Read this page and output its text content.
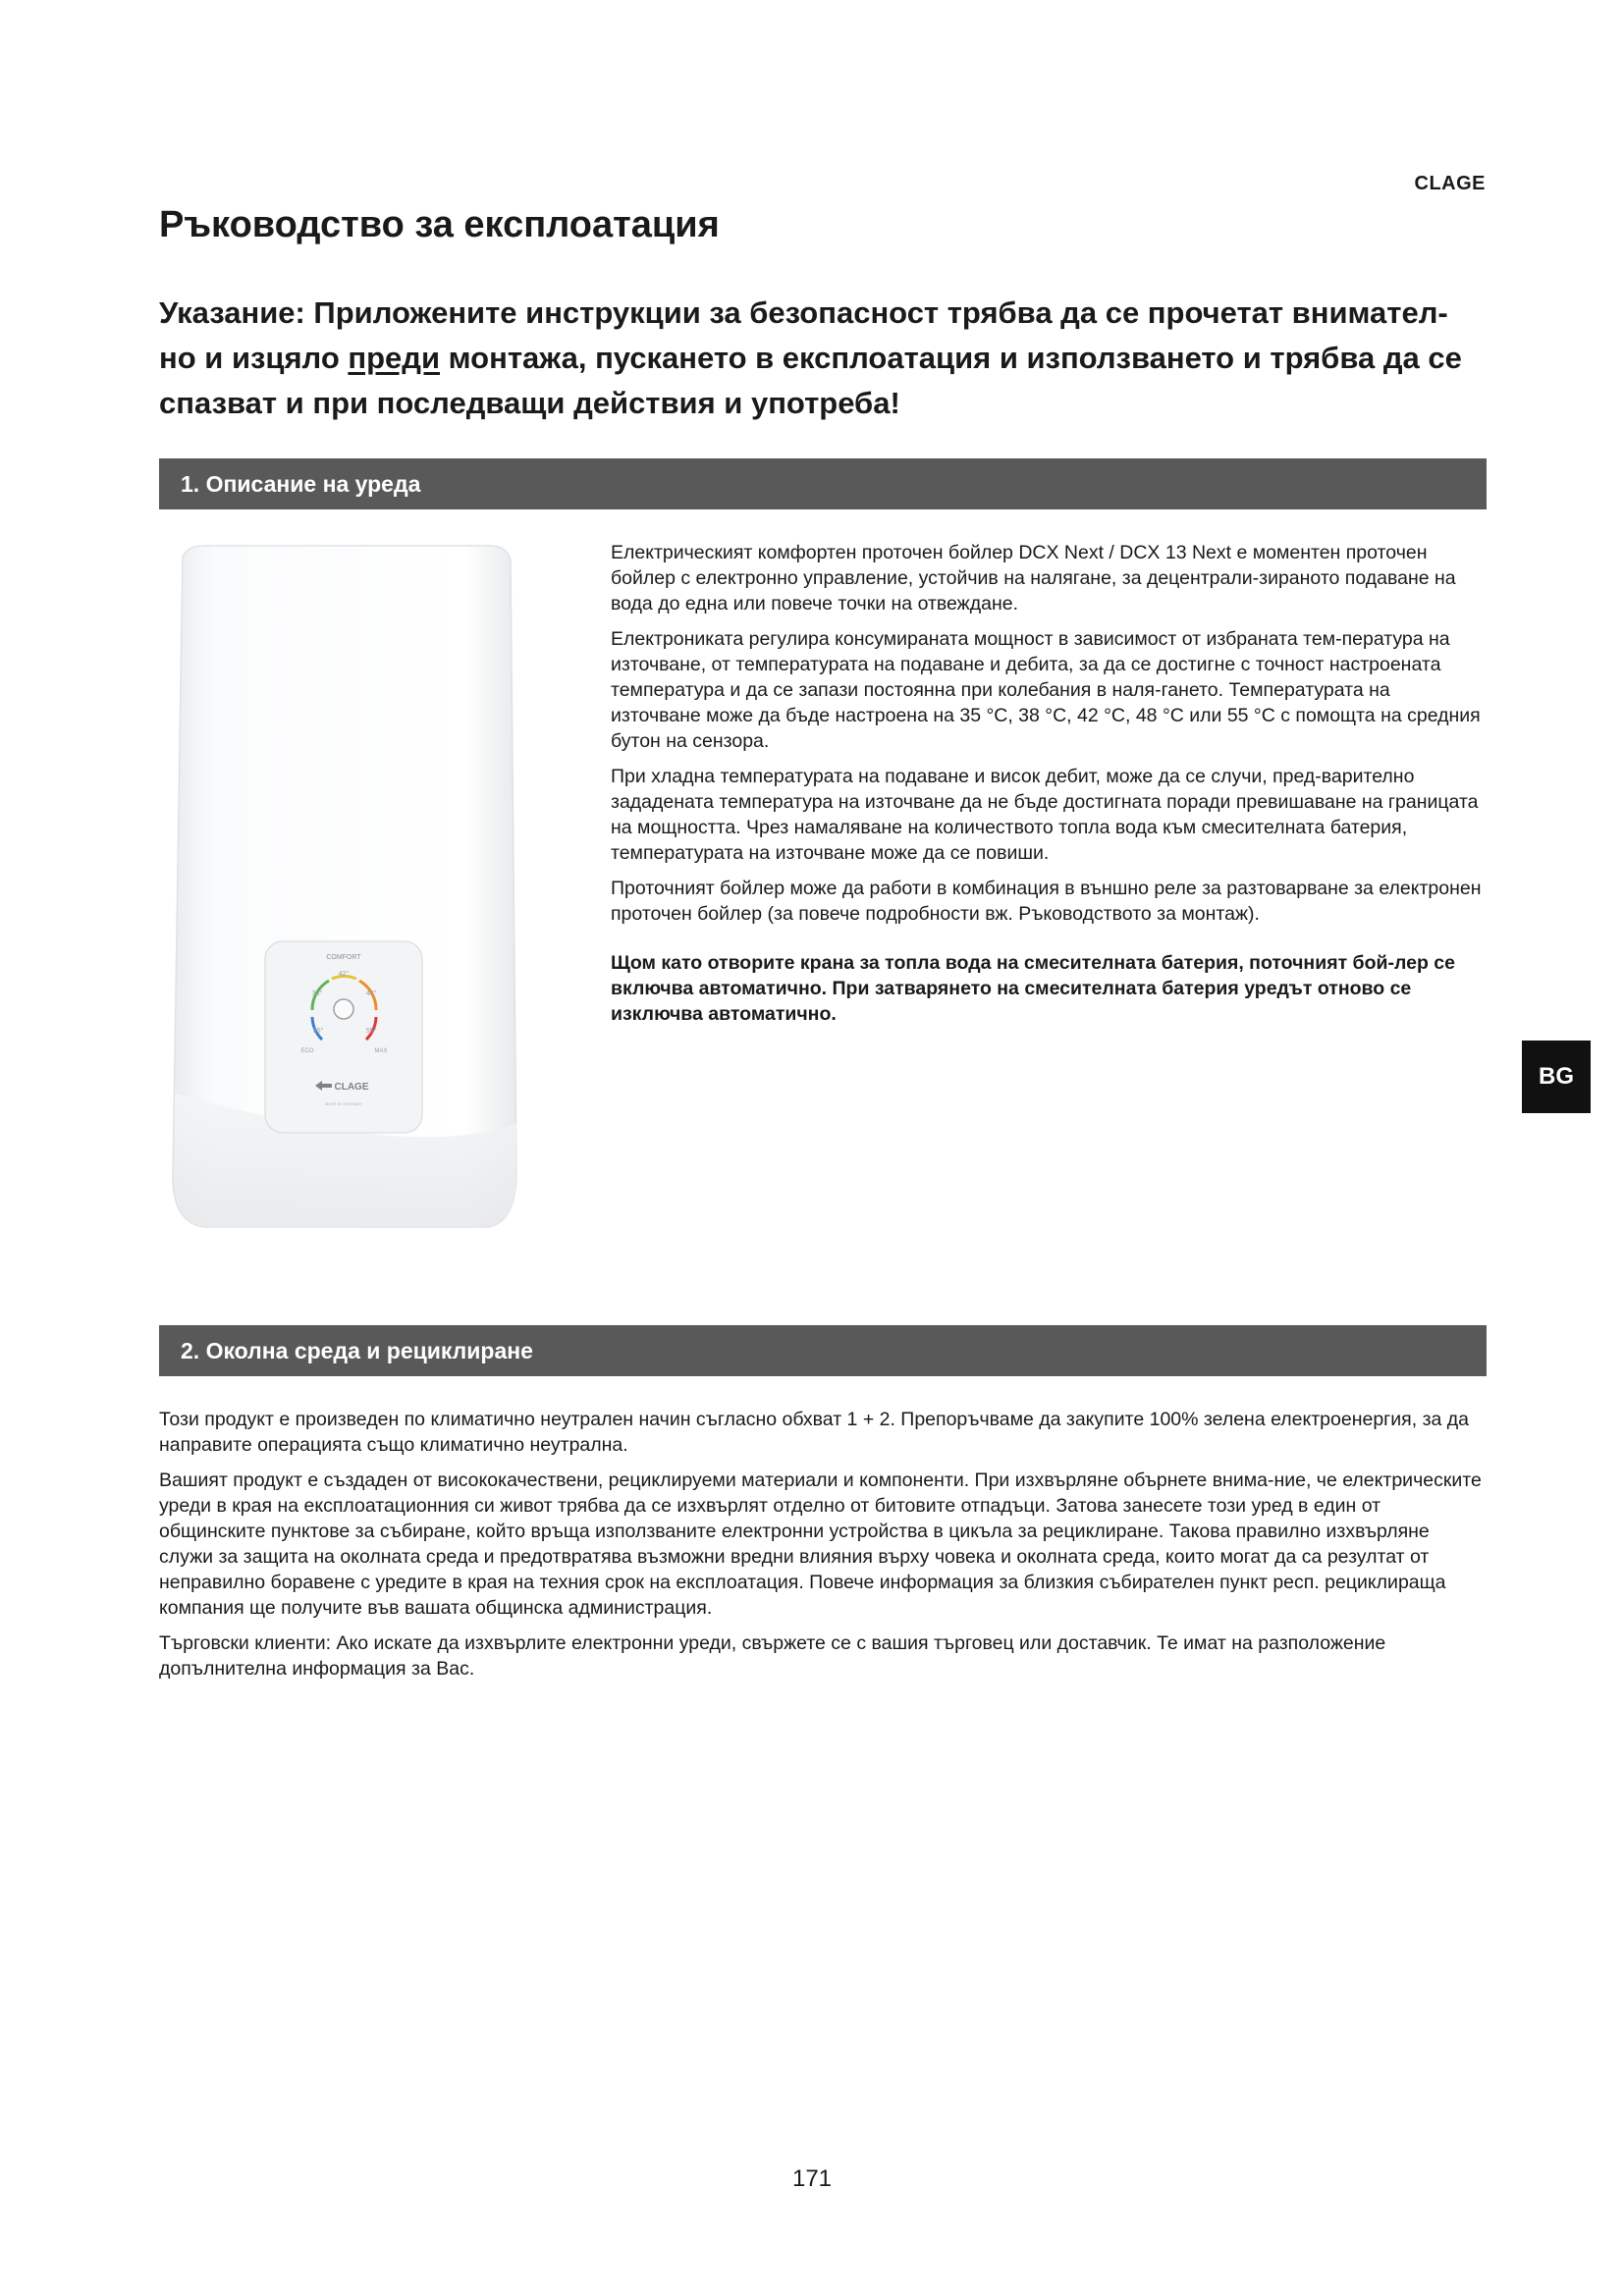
CLAGE
Ръководство за експлоатация

Указание: Приложените инструкции за безопасност трябва да се прочетат внимател-но и изцяло преди монтажа, пускането в експлоатация и използването и трябва да се спазват и при последващи действия и употреба!

1. Описание на уреда
COMFORT
42°
38°	48°
35°	55°
ECO	MAX
CLAGE
MADE IN GERMANY

Електрическият комфортен проточен бойлер DCX Next / DCX 13 Next е моментен проточен бойлер с електронно управление, устойчив на налягане, за децентрали-зираното подаване на вода до една или повече точки на отвеждане.

Електрониката регулира консумираната мощност в зависимост от избраната тем-пература на източване, от температурата на подаване и дебита, за да се достигне с точност настроената температура и да се запази постоянна при колебания в наля-гането. Температурата на източване може да бъде настроена на 35 °C, 38 °C, 42 °C, 48 °C или 55 °C с помощта на средния бутон на сензора.

При хладна температурата на подаване и висок дебит, може да се случи, пред-варително зададената температура на източване да не бъде достигната поради превишаване на границата на мощността. Чрез намаляване на количеството топла вода към смесителната батерия, температурата на източване може да се повиши.

Проточният бойлер може да работи в комбинация в външно реле за разтоварване за електронен проточен бойлер (за повече подробности вж. Ръководството за монтаж).

Щом като отворите крана за топла вода на смесителната батерия, поточният бой-лер се включва автоматично. При затварянето на смесителната батерия уредът отново се изключва автоматично.

BG
2. Околна среда и рециклиране

Този продукт е произведен по климатично неутрален начин съгласно обхват 1 + 2. Препоръчваме да закупите 100% зелена електроенергия, за да направите операцията също климатично неутрална.

Вашият продукт е създаден от висококачествени, рециклируеми материали и компоненти. При изхвърляне обърнете внима-ние, че електрическите уреди в края на експлоатационния си живот трябва да се изхвърлят отделно от битовите отпадъци. Затова занесете този уред в един от общинските пунктове за събиране, който връща използваните електронни устройства в цикъла за рециклиране. Такова правилно изхвърляне служи за защита на околната среда и предотвратява възможни вредни влияния върху човека и околната среда, които могат да са резултат от неправилно боравене с уредите в края на техния срок на експлоатация. Повече информация за близкия събирателен пункт респ. рециклираща компания ще получите във вашата общинска администрация.

Търговски клиенти: Ако искате да изхвърлите електронни уреди, свържете се с вашия търговец или доставчик. Те имат на разположение допълнителна информация за Вас.

171
